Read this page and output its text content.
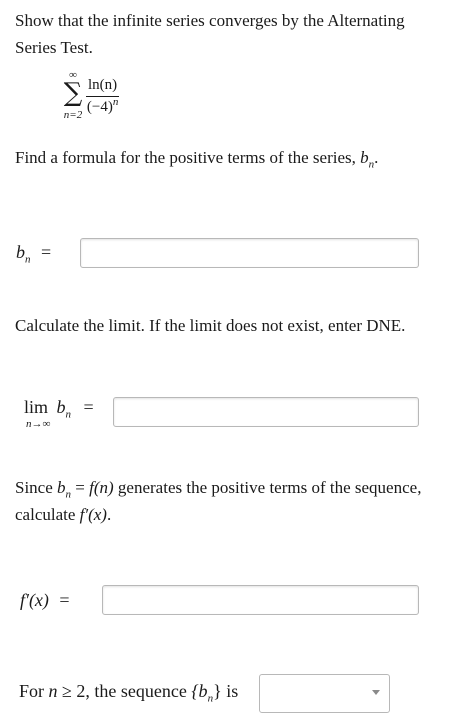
Show that the infinite series converges by the Alternating
Series Test.
∞
∑
$n=2 \frac{\ln(n)}{(-4)^n}$
Find a formula for the positive terms of the series, $b_n$.
$b_n$ =
Calculate the limit. If the limit does not exist, enter DNE.
$\lim b_n$ =
n→∞
Since $b_n = f(n)$ generates the positive terms of the sequence,
calculate f′(x).
f′(x) =
For n ≥ 2, the sequence $\{b_n\}$ is
